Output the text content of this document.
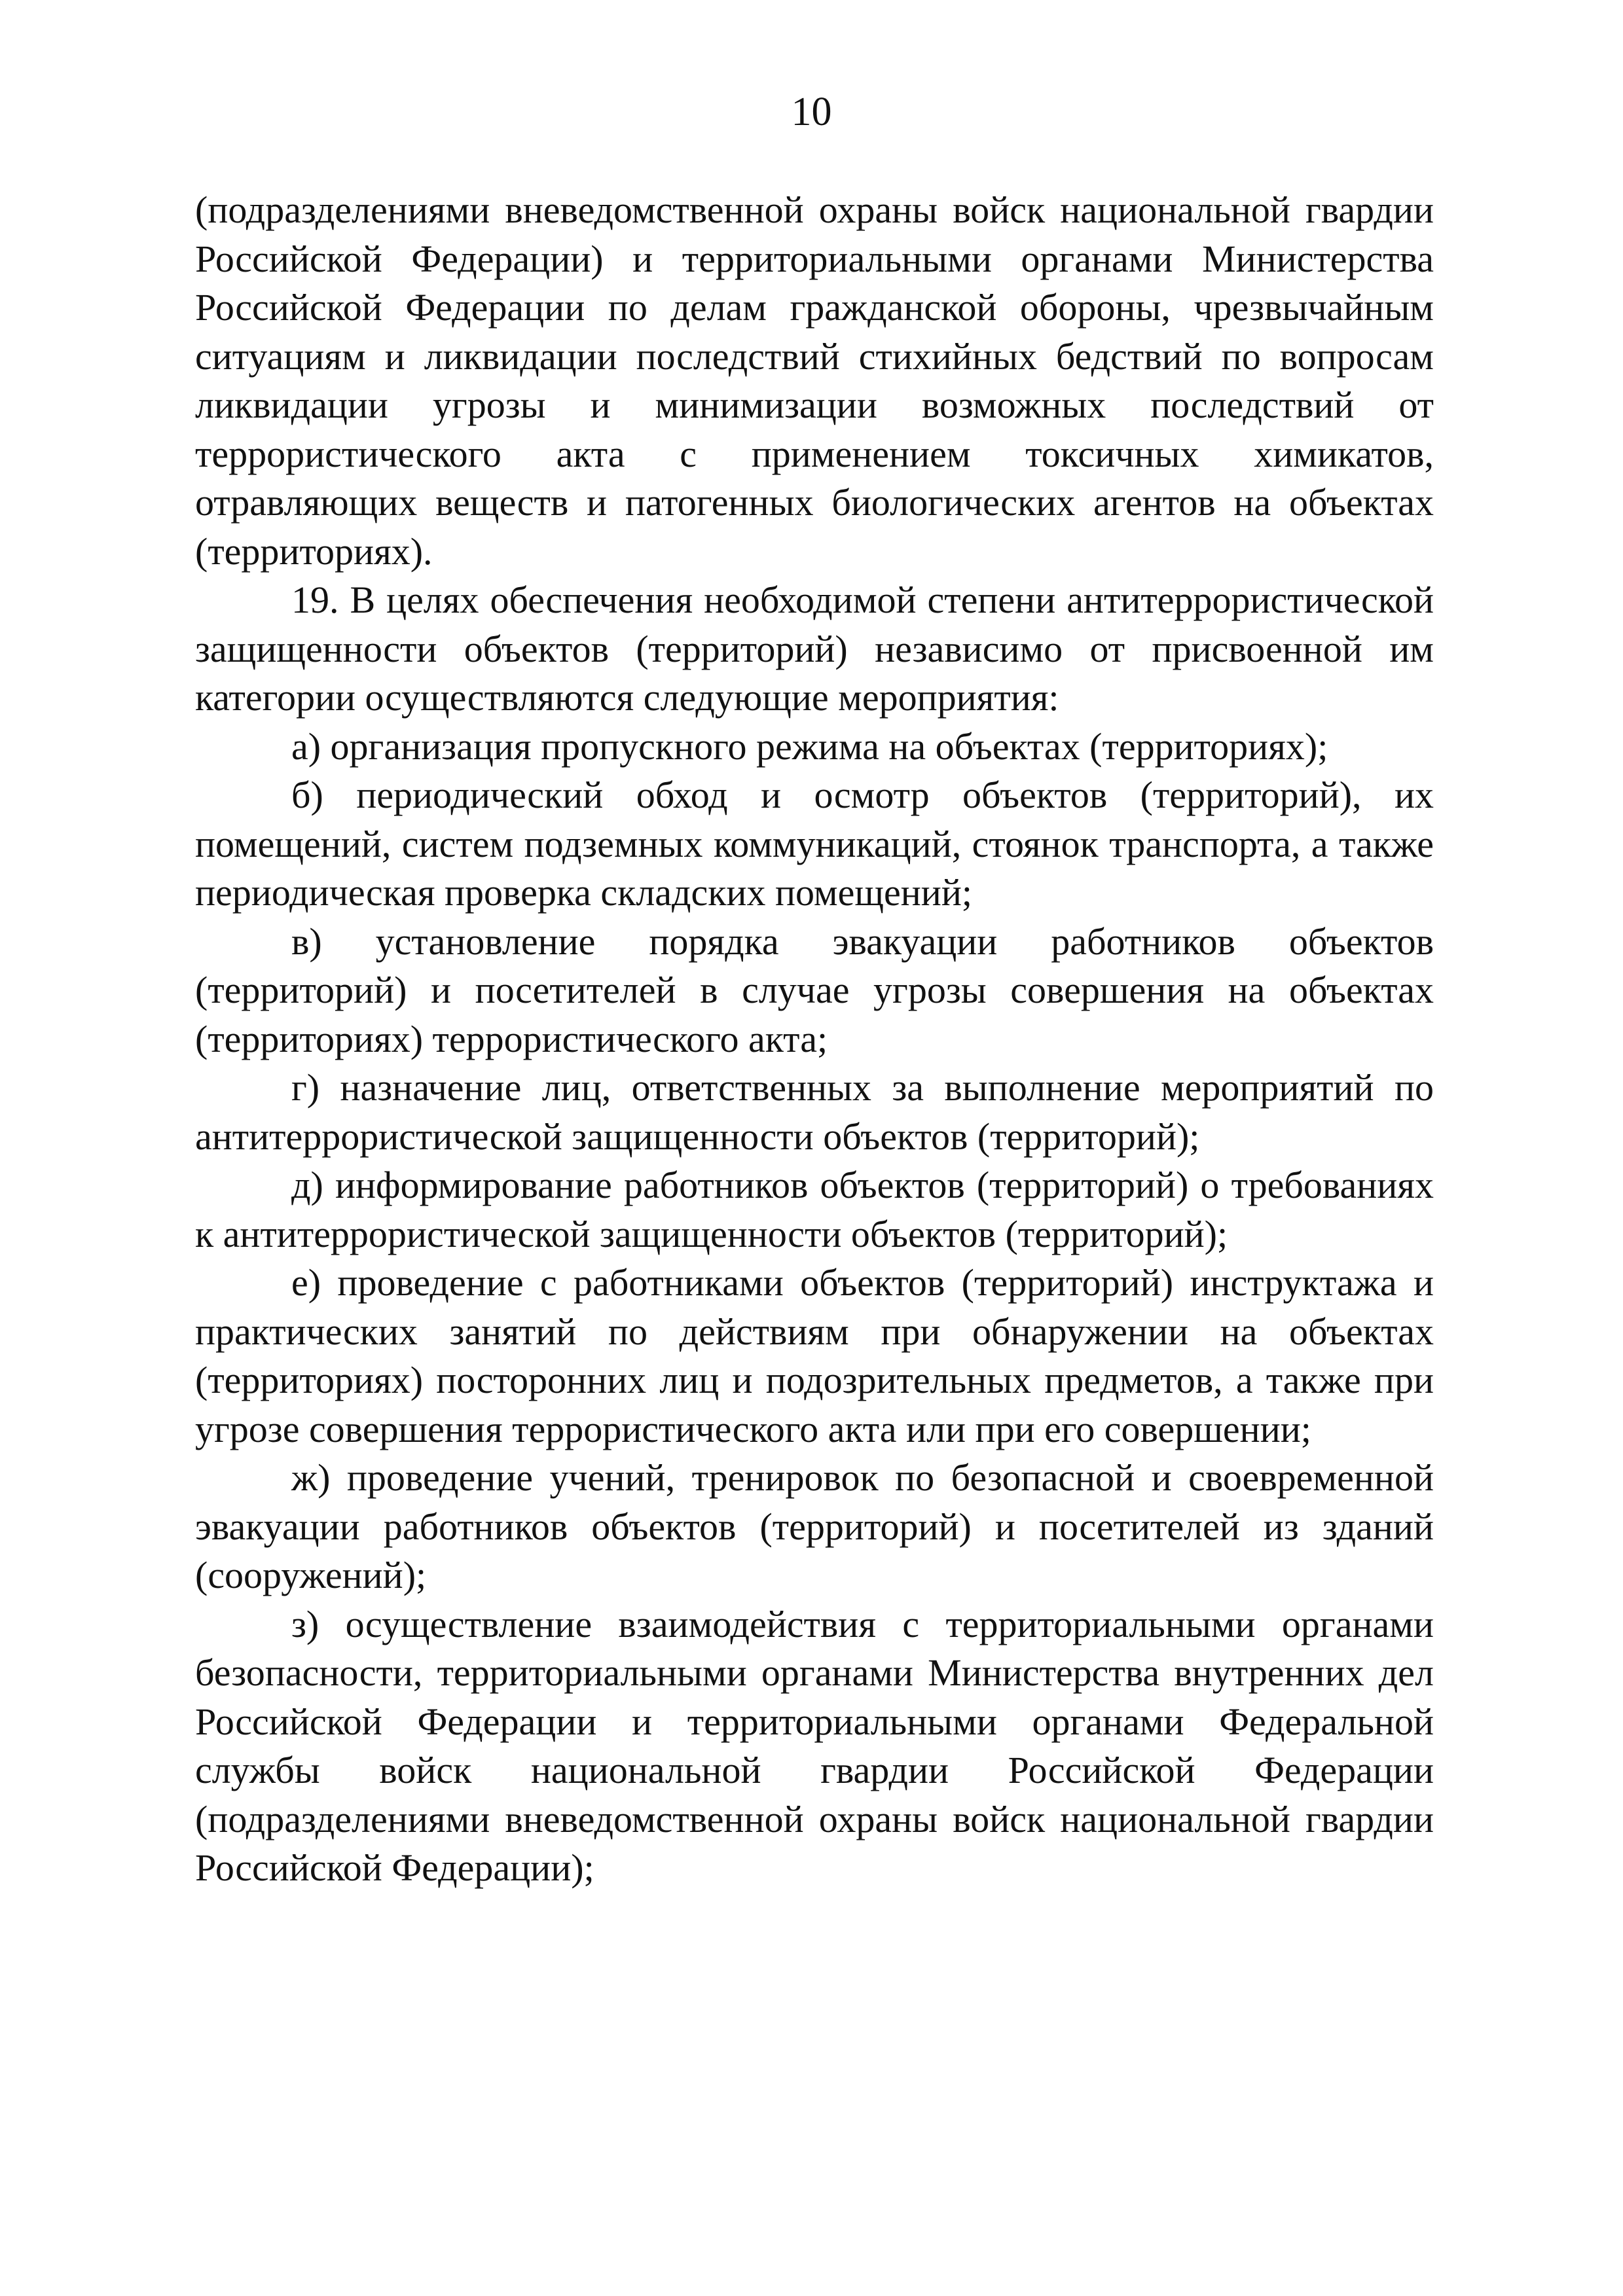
10

(подразделениями вневедомственной охраны войск национальной гвардии Российской Федерации) и территориальными органами Министерства Российской Федерации по делам гражданской обороны, чрезвычайным ситуациям и ликвидации последствий стихийных бедствий по вопросам ликвидации угрозы и минимизации возможных последствий от террористического акта с применением токсичных химикатов, отравляющих веществ и патогенных биологических агентов на объектах (территориях).

19. В целях обеспечения необходимой степени антитеррористической защищенности объектов (территорий) независимо от присвоенной им категории осуществляются следующие мероприятия:

а) организация пропускного режима на объектах (территориях);

б) периодический обход и осмотр объектов (территорий), их помещений, систем подземных коммуникаций, стоянок транспорта, а также периодическая проверка складских помещений;

в) установление порядка эвакуации работников объектов (территорий) и посетителей в случае угрозы совершения на объектах (территориях) террористического акта;

г) назначение лиц, ответственных за выполнение мероприятий по антитеррористической защищенности объектов (территорий);

д) информирование работников объектов (территорий) о требованиях к антитеррористической защищенности объектов (территорий);

е) проведение с работниками объектов (территорий) инструктажа и практических занятий по действиям при обнаружении на объектах (территориях) посторонних лиц и подозрительных предметов, а также при угрозе совершения террористического акта или при его совершении;

ж) проведение учений, тренировок по безопасной и своевременной эвакуации работников объектов (территорий) и посетителей из зданий (сооружений);

з) осуществление взаимодействия с территориальными органами безопасности, территориальными органами Министерства внутренних дел Российской Федерации и территориальными органами Федеральной службы войск национальной гвардии Российской Федерации (подразделениями вневедомственной охраны войск национальной гвардии Российской Федерации);
